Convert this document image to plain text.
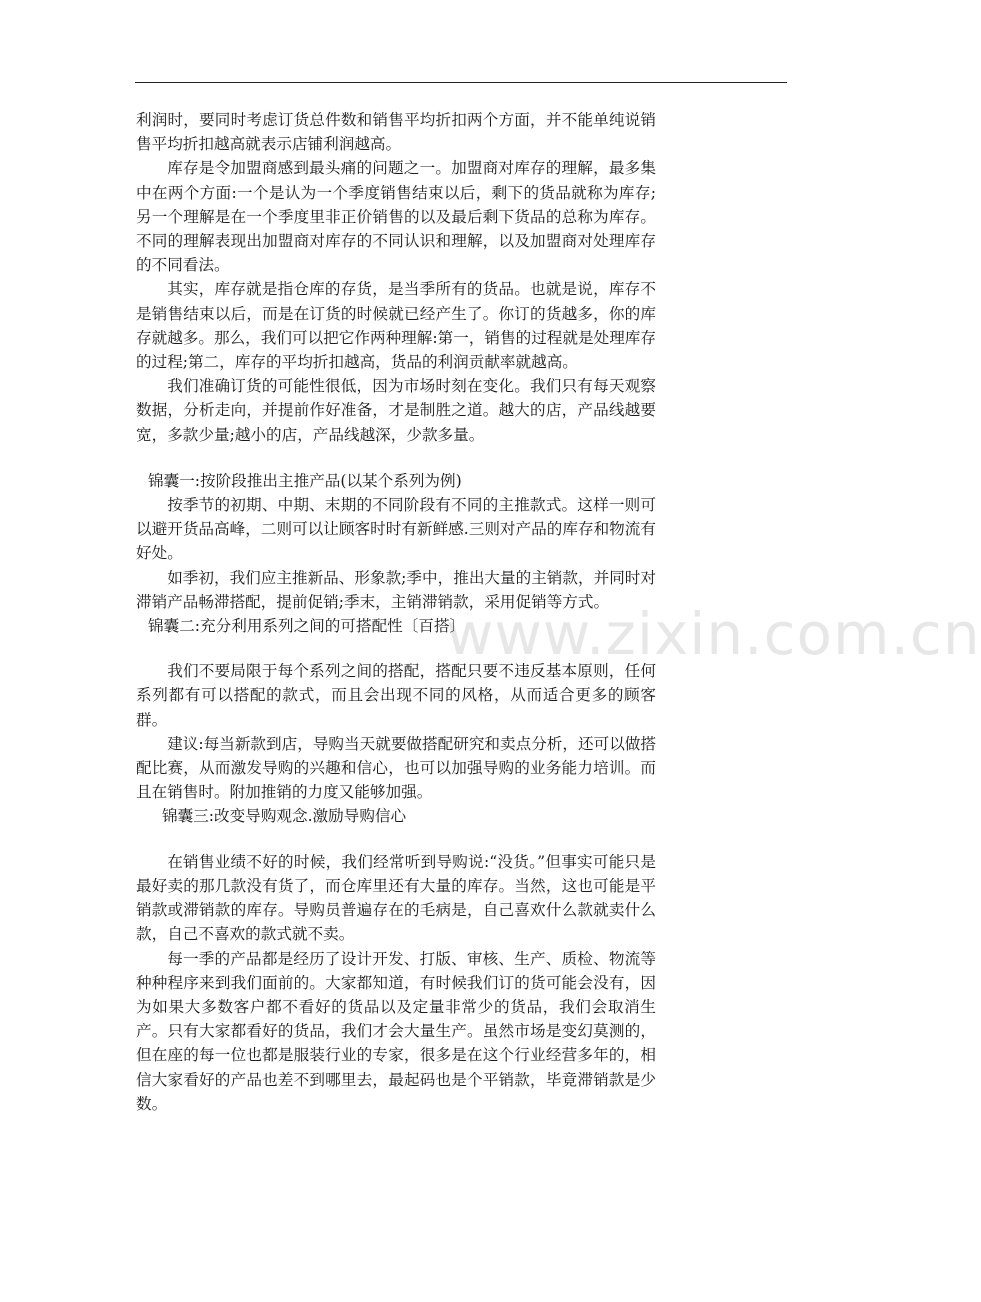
www.zixin.com.cn

利润时，要同时考虑订货总件数和销售平均折扣两个方面，并不能单纯说销售平均折扣越高就表示店铺利润越高。

库存是令加盟商感到最头痛的问题之一。加盟商对库存的理解，最多集中在两个方面:一个是认为一个季度销售结束以后，剩下的货品就称为库存;另一个理解是在一个季度里非正价销售的以及最后剩下货品的总称为库存。不同的理解表现出加盟商对库存的不同认识和理解，以及加盟商对处理库存的不同看法。

其实，库存就是指仓库的存货，是当季所有的货品。也就是说，库存不是销售结束以后，而是在订货的时候就已经产生了。你订的货越多，你的库存就越多。那么，我们可以把它作两种理解:第一，销售的过程就是处理库存的过程;第二，库存的平均折扣越高，货品的利润贡献率就越高。

我们准确订货的可能性很低，因为市场时刻在变化。我们只有每天观察数据，分析走向，并提前作好准备，才是制胜之道。越大的店，产品线越要宽，多款少量;越小的店，产品线越深，少款多量。

锦囊一:按阶段推出主推产品(以某个系列为例)

按季节的初期、中期、末期的不同阶段有不同的主推款式。这样一则可以避开货品高峰，二则可以让顾客时时有新鲜感.三则对产品的库存和物流有好处。

如季初，我们应主推新品、形象款;季中，推出大量的主销款，并同时对滞销产品畅滞搭配，提前促销;季末，主销滞销款，采用促销等方式。

锦囊二:充分利用系列之间的可搭配性〔百搭〕

我们不要局限于每个系列之间的搭配，搭配只要不违反基本原则，任何系列都有可以搭配的款式，而且会出现不同的风格，从而适合更多的顾客群。

建议:每当新款到店，导购当天就要做搭配研究和卖点分析，还可以做搭配比赛，从而激发导购的兴趣和信心，也可以加强导购的业务能力培训。而且在销售时。附加推销的力度又能够加强。

锦囊三:改变导购观念.激励导购信心

在销售业绩不好的时候，我们经常听到导购说:“没货。”但事实可能只是最好卖的那几款没有货了，而仓库里还有大量的库存。当然，这也可能是平销款或滞销款的库存。导购员普遍存在的毛病是，自己喜欢什么款就卖什么款，自己不喜欢的款式就不卖。

每一季的产品都是经历了设计开发、打版、审核、生产、质检、物流等种种程序来到我们面前的。大家都知道，有时候我们订的货可能会没有，因为如果大多数客户都不看好的货品以及定量非常少的货品，我们会取消生产。只有大家都看好的货品，我们才会大量生产。虽然市场是变幻莫测的，但在座的每一位也都是服装行业的专家，很多是在这个行业经营多年的，相信大家看好的产品也差不到哪里去，最起码也是个平销款，毕竟滞销款是少数。
